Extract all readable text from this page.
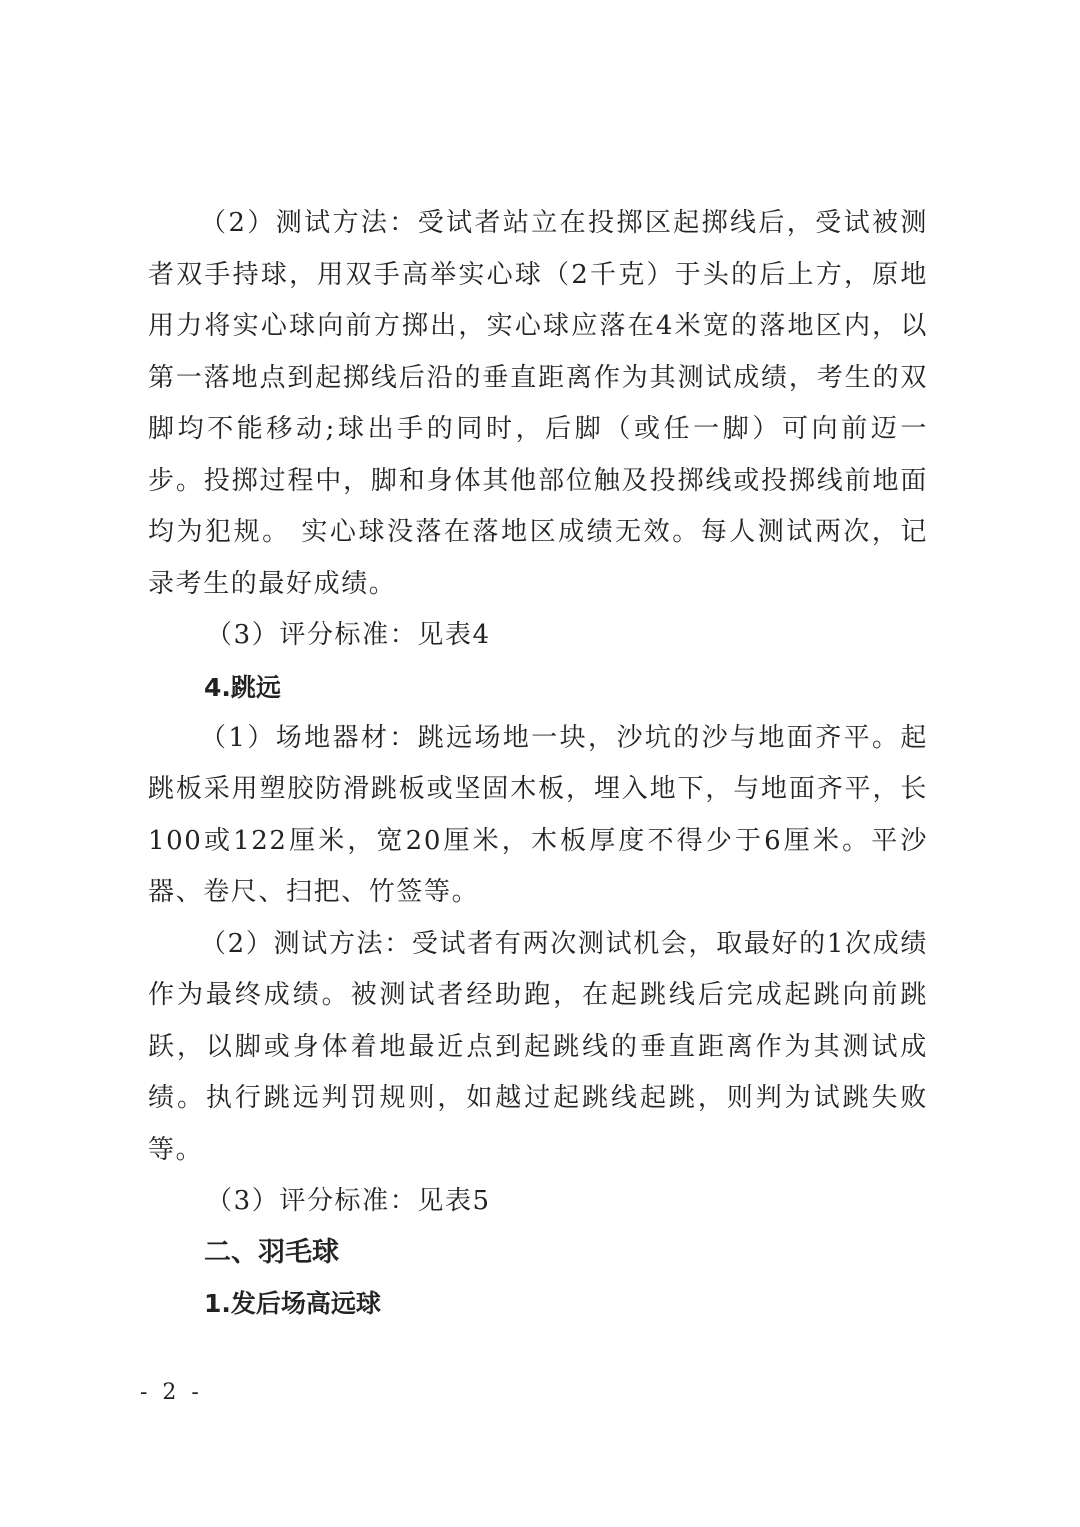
（2）测试方法：受试者站立在投掷区起掷线后，受试被测者双手持球，用双手高举实心球（2千克）于头的后上方，原地用力将实心球向前方掷出，实心球应落在4米宽的落地区内，以第一落地点到起掷线后沿的垂直距离作为其测试成绩，考生的双脚均不能移动;球出手的同时，后脚（或任一脚）可向前迈一步。投掷过程中，脚和身体其他部位触及投掷线或投掷线前地面均为犯规。 实心球没落在落地区成绩无效。每人测试两次，记录考生的最好成绩。

（3）评分标准：见表4

4.跳远

（1）场地器材：跳远场地一块，沙坑的沙与地面齐平。起跳板采用塑胶防滑跳板或坚固木板，埋入地下，与地面齐平，长100或122厘米，宽20厘米，木板厚度不得少于6厘米。平沙器、卷尺、扫把、竹签等。

（2）测试方法：受试者有两次测试机会，取最好的1次成绩作为最终成绩。被测试者经助跑，在起跳线后完成起跳向前跳跃，以脚或身体着地最近点到起跳线的垂直距离作为其测试成绩。执行跳远判罚规则，如越过起跳线起跳，则判为试跳失败等。

（3）评分标准：见表5

二、羽毛球

1.发后场高远球

- 2 -
